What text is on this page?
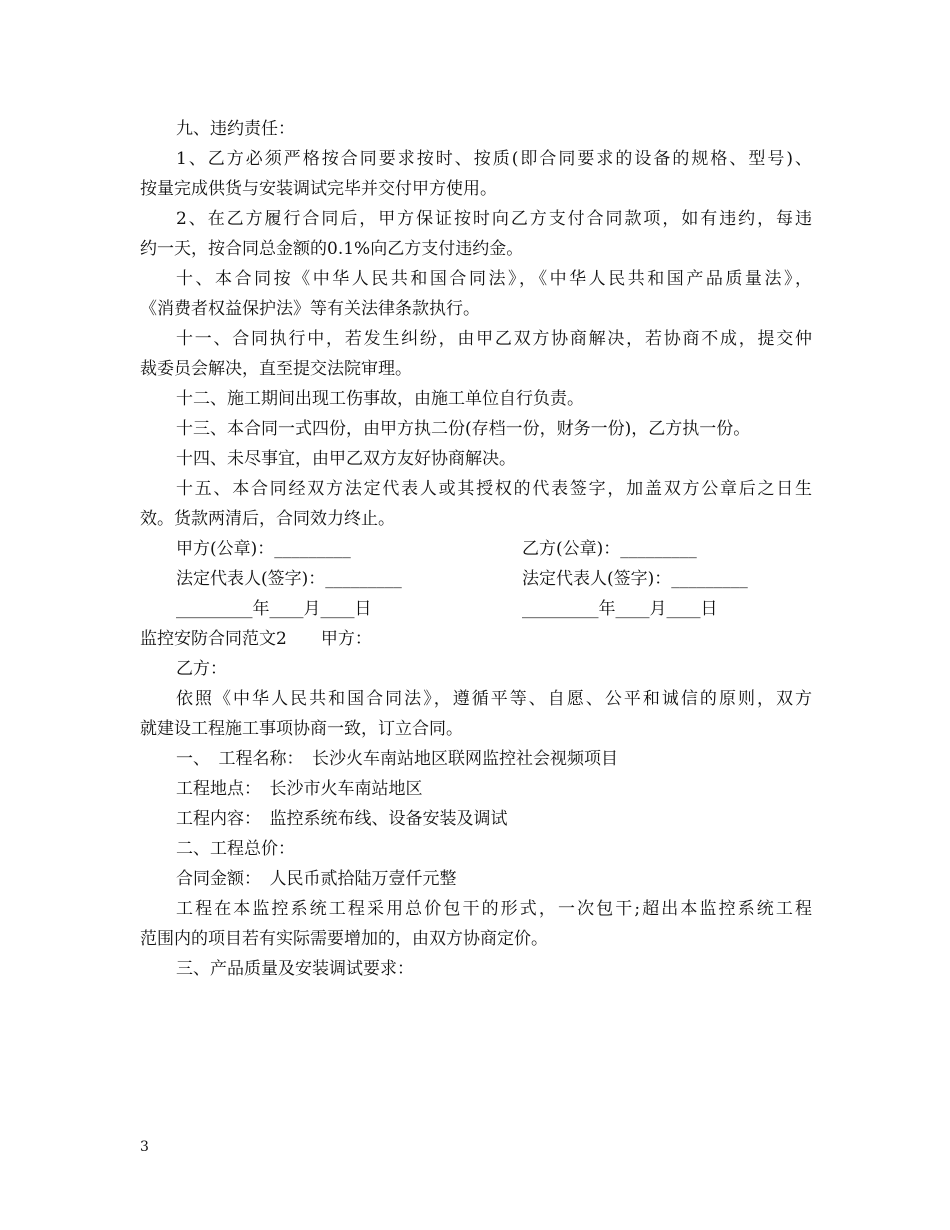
九、违约责任：
1、乙方必须严格按合同要求按时、按质(即合同要求的设备的规格、型号)、
按量完成供货与安装调试完毕并交付甲方使用。
2、在乙方履行合同后，甲方保证按时向乙方支付合同款项，如有违约，每违
约一天，按合同总金额的0.1%向乙方支付违约金。
十、本合同按《中华人民共和国合同法》，《中华人民共和国产品质量法》，
《消费者权益保护法》等有关法律条款执行。
十一、合同执行中，若发生纠纷，由甲乙双方协商解决，若协商不成，提交仲
裁委员会解决，直至提交法院审理。
十二、施工期间出现工伤事故，由施工单位自行负责。
十三、本合同一式四份，由甲方执二份(存档一份，财务一份)，乙方执一份。
十四、未尽事宜，由甲乙双方友好协商解决。
十五、本合同经双方法定代表人或其授权的代表签字，加盖双方公章后之日生
效。货款两清后，合同效力终止。
甲方(公章)：_________	乙方(公章)：_________
法定代表人(签字)：_________	法定代表人(签字)：_________
_________年____月____日	_________年____月____日
监控安防合同范文2　　甲方：
乙方：
依照《中华人民共和国合同法》，遵循平等、自愿、公平和诚信的原则，双方
就建设工程施工事项协商一致，订立合同。
一、　工程名称：　长沙火车南站地区联网监控社会视频项目
工程地点：　长沙市火车南站地区
工程内容：　监控系统布线、设备安装及调试
二、工程总价：
合同金额：　人民币贰拾陆万壹仟元整
工程在本监控系统工程采用总价包干的形式，一次包干;超出本监控系统工程
范围内的项目若有实际需要增加的，由双方协商定价。
三、产品质量及安装调试要求：
3
